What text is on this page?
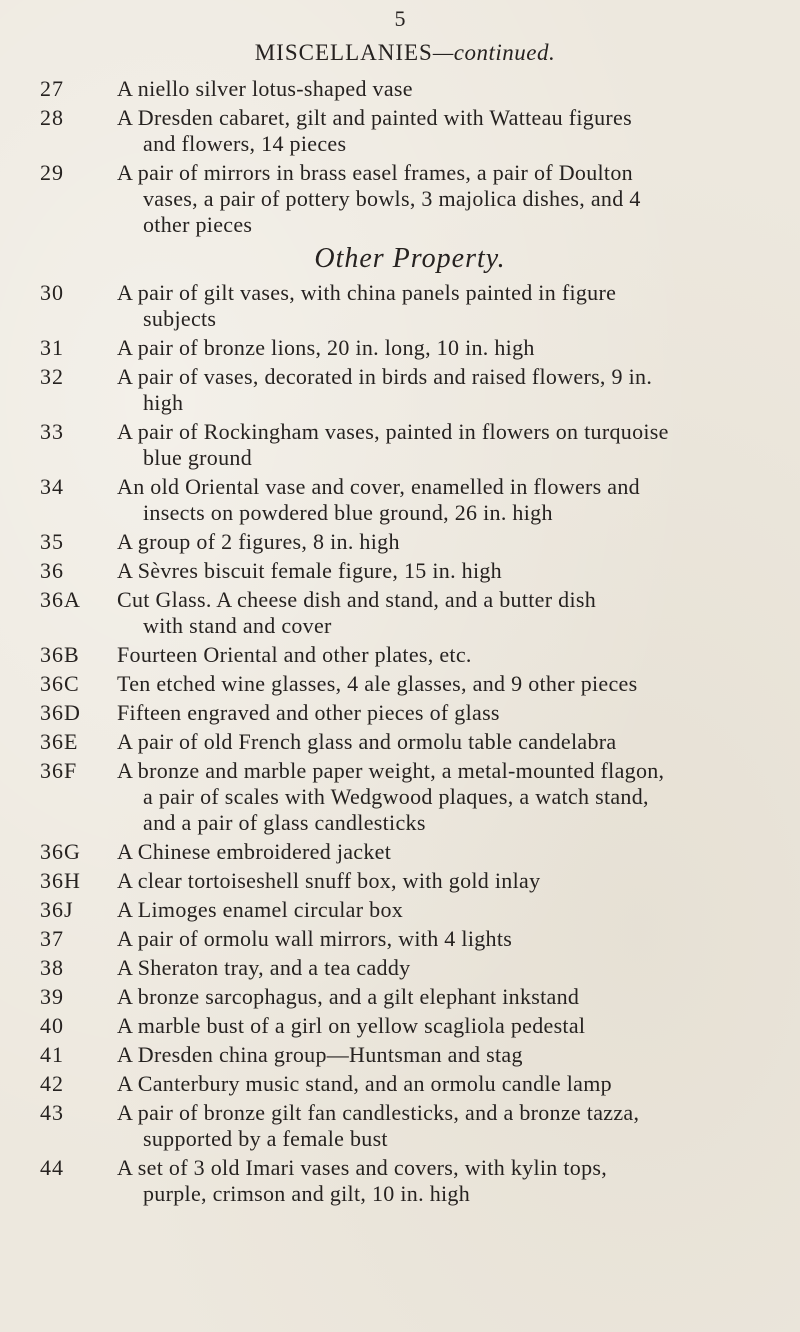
5
MISCELLANIES—continued.
27	A niello silver lotus-shaped vase
28	A Dresden cabaret, gilt and painted with Watteau figures
and flowers, 14 pieces
29	A pair of mirrors in brass easel frames, a pair of Doulton
vases, a pair of pottery bowls, 3 majolica dishes, and 4
other pieces
Other Property.
30	A pair of gilt vases, with china panels painted in figure
subjects
31	A pair of bronze lions, 20 in. long, 10 in. high
32	A pair of vases, decorated in birds and raised flowers, 9 in.
high
33	A pair of Rockingham vases, painted in flowers on turquoise
blue ground
34	An old Oriental vase and cover, enamelled in flowers and
insects on powdered blue ground, 26 in. high
35	A group of 2 figures, 8 in. high
36	A Sèvres biscuit female figure, 15 in. high
36A	Cut Glass. A cheese dish and stand, and a butter dish
with stand and cover
36B	Fourteen Oriental and other plates, etc.
36C	Ten etched wine glasses, 4 ale glasses, and 9 other pieces
36D	Fifteen engraved and other pieces of glass
36E	A pair of old French glass and ormolu table candelabra
36F	A bronze and marble paper weight, a metal-mounted flagon,
a pair of scales with Wedgwood plaques, a watch stand,
and a pair of glass candlesticks
36G	A Chinese embroidered jacket
36H	A clear tortoiseshell snuff box, with gold inlay
36J	A Limoges enamel circular box
37	A pair of ormolu wall mirrors, with 4 lights
38	A Sheraton tray, and a tea caddy
39	A bronze sarcophagus, and a gilt elephant inkstand
40	A marble bust of a girl on yellow scagliola pedestal
41	A Dresden china group—Huntsman and stag
42	A Canterbury music stand, and an ormolu candle lamp
43	A pair of bronze gilt fan candlesticks, and a bronze tazza,
supported by a female bust
44	A set of 3 old Imari vases and covers, with kylin tops,
purple, crimson and gilt, 10 in. high
